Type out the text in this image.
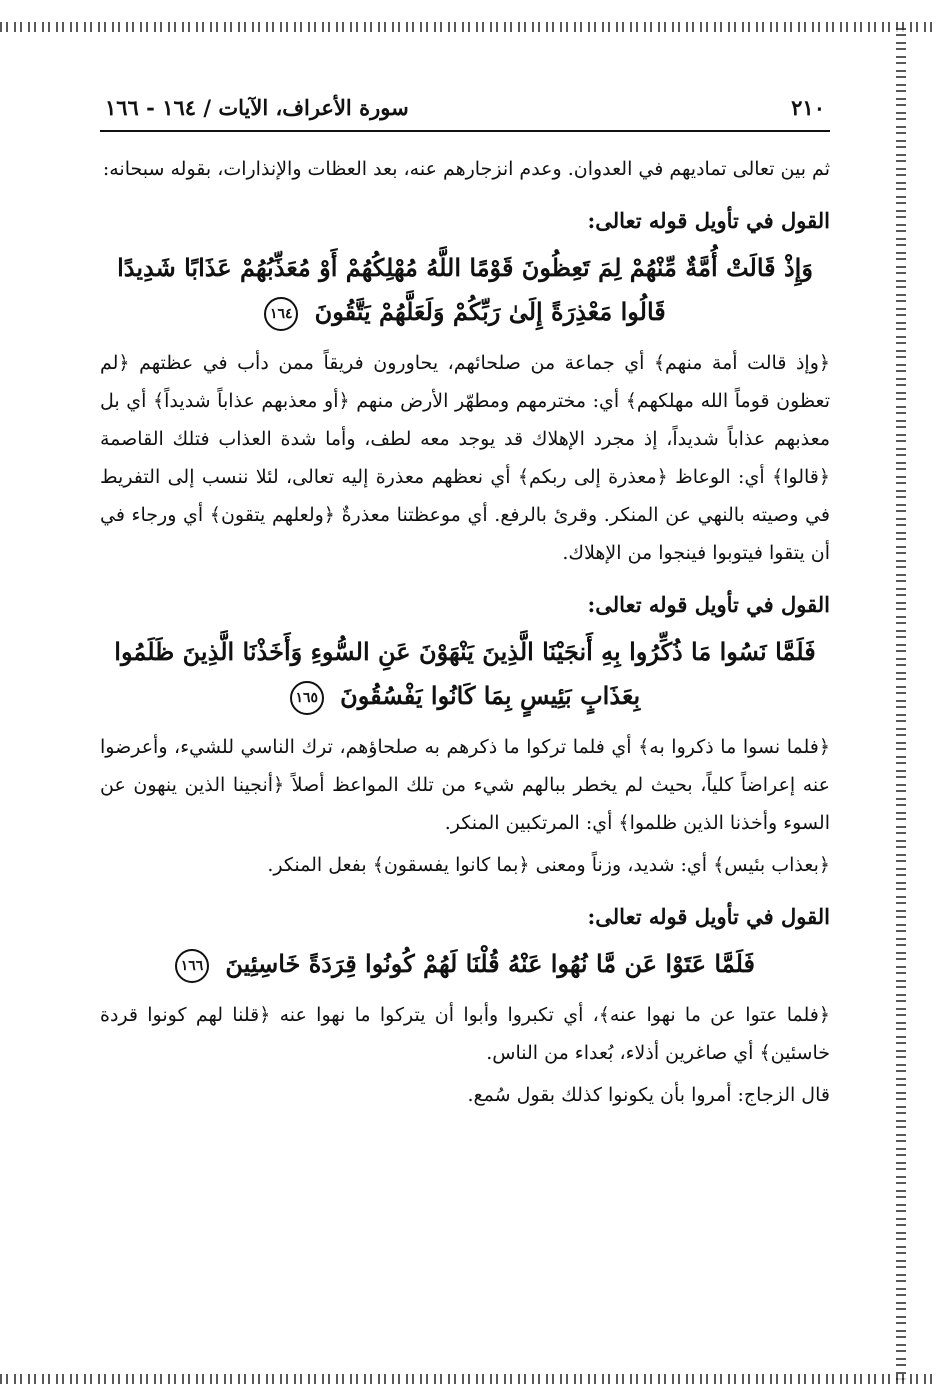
٢١٠
سورة الأعراف، الآيات / ١٦٤ - ١٦٦

ثم بين تعالى تماديهم في العدوان. وعدم انزجارهم عنه، بعد العظات والإنذارات، بقوله سبحانه:

القول في تأويل قوله تعالى:
وَإِذْ قَالَتْ أُمَّةٌ مِّنْهُمْ لِمَ تَعِظُونَ قَوْمًا اللَّهُ مُهْلِكُهُمْ أَوْ مُعَذِّبُهُمْ عَذَابًا شَدِيدًا قَالُوا مَعْذِرَةً إِلَىٰ رَبِّكُمْ وَلَعَلَّهُمْ يَتَّقُونَ ١٦٤

﴿وإذ قالت أمة منهم﴾ أي جماعة من صلحائهم، يحاورون فريقاً ممن دأب في عظتهم ﴿لم تعظون قوماً الله مهلكهم﴾ أي: مخترمهم ومطهّر الأرض منهم ﴿أو معذبهم عذاباً شديداً﴾ أي بل معذبهم عذاباً شديداً، إذ مجرد الإهلاك قد يوجد معه لطف، وأما شدة العذاب فتلك القاصمة ﴿قالوا﴾ أي: الوعاظ ﴿معذرة إلى ربكم﴾ أي نعظهم معذرة إليه تعالى، لئلا ننسب إلى التفريط في وصيته بالنهي عن المنكر. وقرئ بالرفع. أي موعظتنا معذرةٌ ﴿ولعلهم يتقون﴾ أي ورجاء في أن يتقوا فيتوبوا فينجوا من الإهلاك.

القول في تأويل قوله تعالى:
فَلَمَّا نَسُوا مَا ذُكِّرُوا بِهِ أَنجَيْنَا الَّذِينَ يَنْهَوْنَ عَنِ السُّوءِ وَأَخَذْنَا الَّذِينَ ظَلَمُوا بِعَذَابٍ بَئِيسٍ بِمَا كَانُوا يَفْسُقُونَ ١٦٥

﴿فلما نسوا ما ذكروا به﴾ أي فلما تركوا ما ذكرهم به صلحاؤهم، ترك الناسي للشيء، وأعرضوا عنه إعراضاً كلياً، بحيث لم يخطر ببالهم شيء من تلك المواعظ أصلاً ﴿أنجينا الذين ينهون عن السوء وأخذنا الذين ظلموا﴾ أي: المرتكبين المنكر.

﴿بعذاب بئيس﴾ أي: شديد، وزناً ومعنى ﴿بما كانوا يفسقون﴾ بفعل المنكر.

القول في تأويل قوله تعالى:
فَلَمَّا عَتَوْا عَن مَّا نُهُوا عَنْهُ قُلْنَا لَهُمْ كُونُوا قِرَدَةً خَاسِئِينَ ١٦٦

﴿فلما عتوا عن ما نهوا عنه﴾، أي تكبروا وأبوا أن يتركوا ما نهوا عنه ﴿قلنا لهم كونوا قردة خاسئين﴾ أي صاغرين أذلاء، بُعداء من الناس.

قال الزجاج: أمروا بأن يكونوا كذلك بقول سُمع.
